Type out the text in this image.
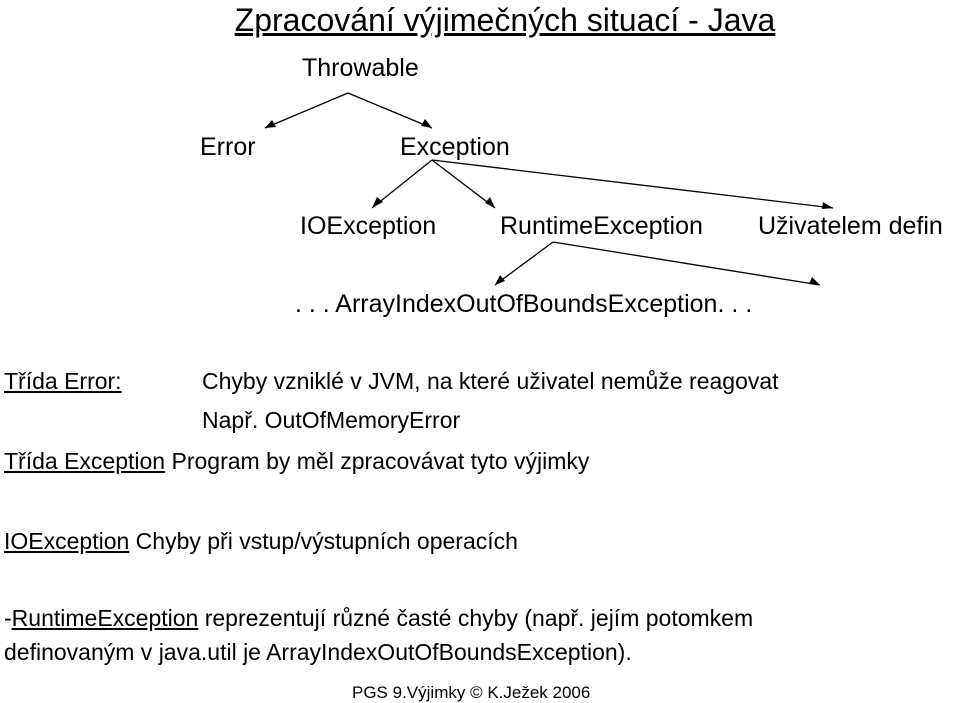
Zpracování výjimečných situací - Java
Throwable
Error	Exception
IOException	RuntimeException Uživatelem defin
. . . ArrayIndexOutOfBoundsException. . .
Třída Error:	Chyby vzniklé v JVM, na které uživatel nemůže reagovat
Např. OutOfMemoryError
Třída Exception Program by měl zpracovávat tyto výjimky
IOException Chyby při vstup/výstupních operacích
-RuntimeException reprezentují různé časté chyby (např. jejím potomkem
definovaným v java.util je ArrayIndexOutOfBoundsException).
PGS 9.Výjimky © K.Ježek 2006
